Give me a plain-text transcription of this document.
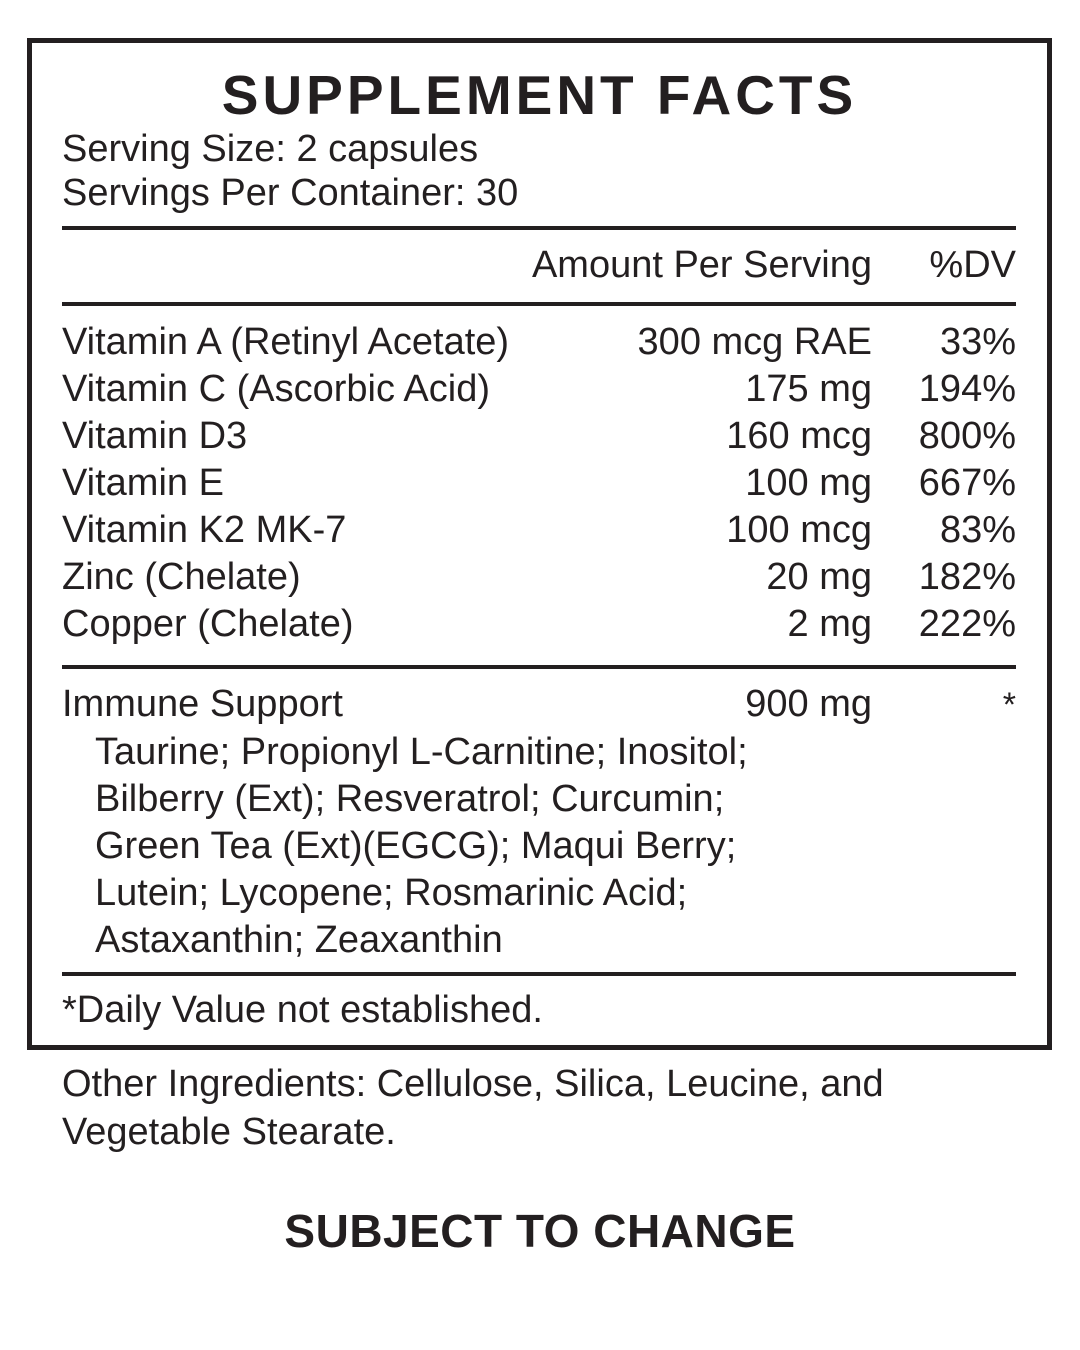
SUPPLEMENT FACTS
Serving Size: 2 capsules
Servings Per Container: 30
Amount Per Serving	%DV
Vitamin A (Retinyl Acetate)	300 mcg RAE	33%
Vitamin C (Ascorbic Acid)	175 mg	194%
Vitamin D3	160 mcg	800%
Vitamin E	100 mg	667%
Vitamin K2 MK-7	100 mcg	83%
Zinc (Chelate)	20 mg	182%
Copper (Chelate)	2 mg	222%
Immune Support	900 mg	*
Taurine; Propionyl L-Carnitine; Inositol;
Bilberry (Ext); Resveratrol; Curcumin;
Green Tea (Ext)(EGCG); Maqui Berry;
Lutein; Lycopene; Rosmarinic Acid;
Astaxanthin; Zeaxanthin
*Daily Value not established.
Other Ingredients: Cellulose, Silica, Leucine, and Vegetable Stearate.
SUBJECT TO CHANGE
